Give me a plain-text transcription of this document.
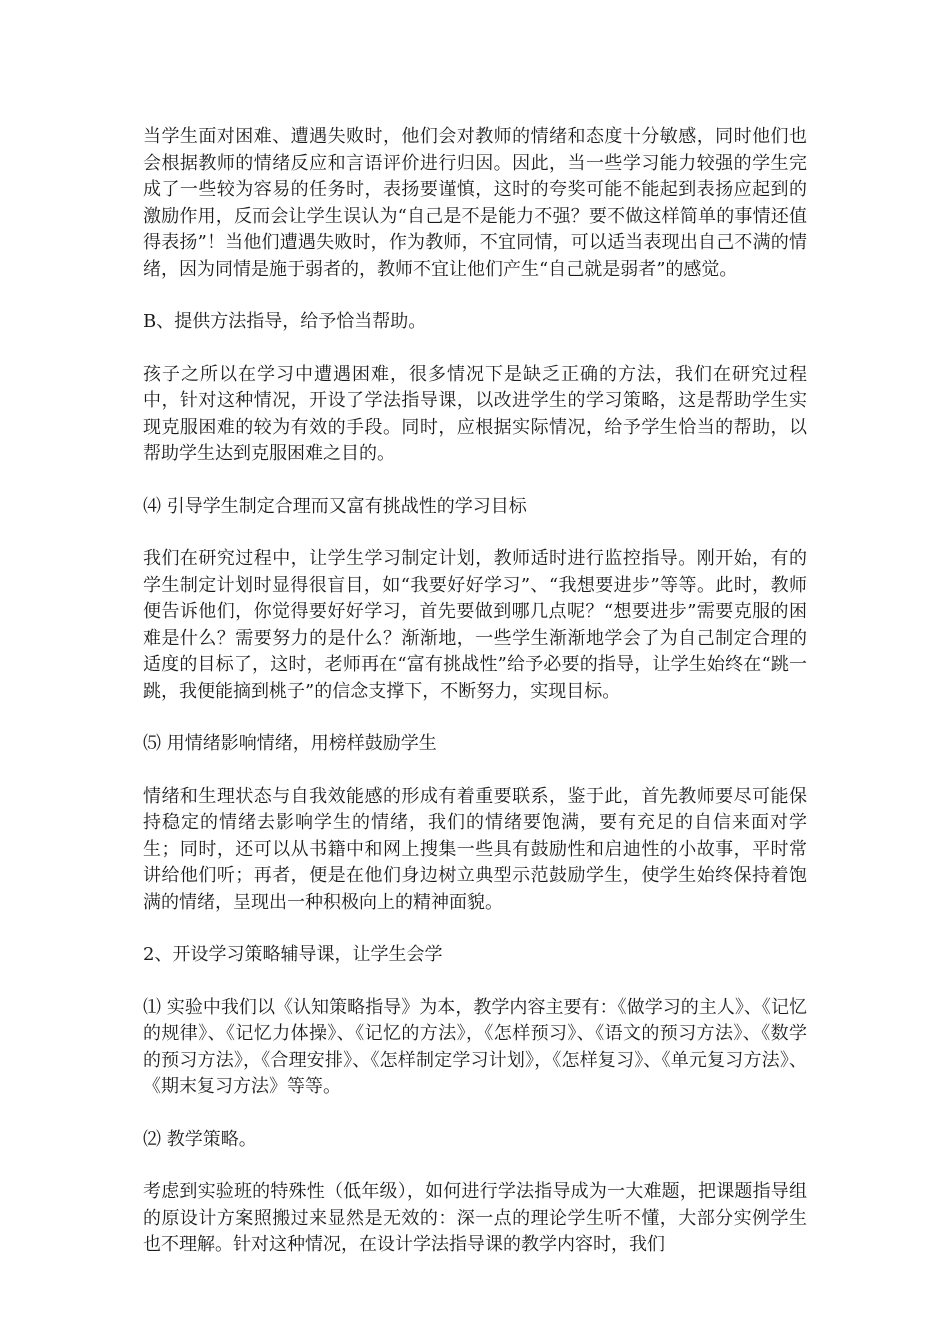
当学生面对困难、遭遇失败时，他们会对教师的情绪和态度十分敏感，同时他们也会根据教师的情绪反应和言语评价进行归因。因此，当一些学习能力较强的学生完成了一些较为容易的任务时，表扬要谨慎，这时的夸奖可能不能起到表扬应起到的激励作用，反而会让学生误认为“自己是不是能力不强？要不做这样简单的事情还值得表扬”！当他们遭遇失败时，作为教师，不宜同情，可以适当表现出自己不满的情绪，因为同情是施于弱者的，教师不宜让他们产生“自己就是弱者”的感觉。

B、提供方法指导，给予恰当帮助。

孩子之所以在学习中遭遇困难，很多情况下是缺乏正确的方法，我们在研究过程中，针对这种情况，开设了学法指导课，以改进学生的学习策略，这是帮助学生实现克服困难的较为有效的手段。同时，应根据实际情况，给予学生恰当的帮助，以帮助学生达到克服困难之目的。

⑷ 引导学生制定合理而又富有挑战性的学习目标

我们在研究过程中，让学生学习制定计划，教师适时进行监控指导。刚开始，有的学生制定计划时显得很盲目，如“我要好好学习”、“我想要进步”等等。此时，教师便告诉他们，你觉得要好好学习，首先要做到哪几点呢？“想要进步”需要克服的困难是什么？需要努力的是什么？渐渐地，一些学生渐渐地学会了为自己制定合理的适度的目标了，这时，老师再在“富有挑战性”给予必要的指导，让学生始终在“跳一跳，我便能摘到桃子”的信念支撑下，不断努力，实现目标。

⑸ 用情绪影响情绪，用榜样鼓励学生

情绪和生理状态与自我效能感的形成有着重要联系，鉴于此，首先教师要尽可能保持稳定的情绪去影响学生的情绪，我们的情绪要饱满，要有充足的自信来面对学生；同时，还可以从书籍中和网上搜集一些具有鼓励性和启迪性的小故事，平时常讲给他们听；再者，便是在他们身边树立典型示范鼓励学生，使学生始终保持着饱满的情绪，呈现出一种积极向上的精神面貌。

2、开设学习策略辅导课，让学生会学

⑴ 实验中我们以《认知策略指导》为本，教学内容主要有：《做学习的主人》、《记忆的规律》、《记忆力体操》、《记忆的方法》，《怎样预习》、《语文的预习方法》、《数学的预习方法》，《合理安排》、《怎样制定学习计划》，《怎样复习》、《单元复习方法》、《期末复习方法》等等。

⑵ 教学策略。

考虑到实验班的特殊性（低年级），如何进行学法指导成为一大难题，把课题指导组的原设计方案照搬过来显然是无效的：深一点的理论学生听不懂，大部分实例学生也不理解。针对这种情况，在设计学法指导课的教学内容时，我们
